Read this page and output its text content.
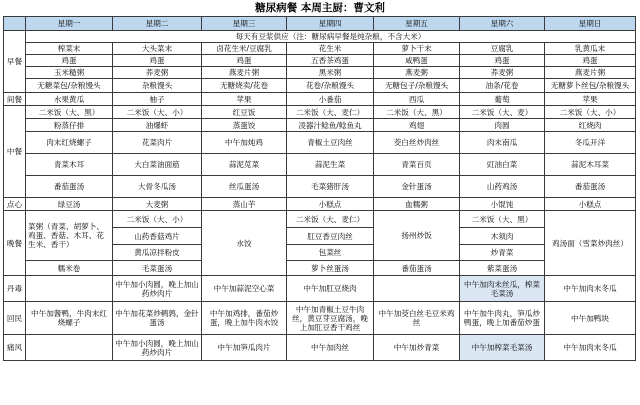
糖尿病餐 本周主厨：曹文利
	星期一	星期二	星期三	星期四	星期五	星期六	星期日
早餐	每天有豆浆供应（注：糖尿病早餐是纯杂粮，不含大米）						
	榨菜末	大头菜末	卤花生米/豆腐乳	花生米	萝卜干末	豆腐乳	乳黄瓜末
	鸡蛋	鸡蛋	鸡蛋	五香茶鸡蛋	咸鸭蛋	鸡蛋	鸡蛋
	玉米糙粥	荞麦粥	燕麦片粥	黑米粥	燕麦粥	荞麦粥	燕麦片粥
	无糖菜包/杂粮馒头	杂粮馒头	无糖烧卖/花卷	花卷/杂粮馒头	无糖包子/杂粮馒头	油条/花卷	无糖萝卜丝包/杂粮馒头
间餐	水果黄瓜	柚子	苹果	小番茄	西瓜	葡萄	苹果
中餐	二米饭（大、黑）	二米饭（大、小）	红豆饭	二米饭（大、麦仁）	二米饭（大、黑）	二米饭（大、麦）	二米饭（大、小）
	粉蒸仔排	油爆虾	蒸蛋饺	凌器汁鲶鱼/鲶鱼丸	鸡翅	肉圆	红烧肉
	肉末红烧螺子	花菜肉片	中午加炖鸡	青椒土豆肉丝	茭白丝炒肉丝	肉末南瓜	冬瓜开洋
	青菜木耳	大白菜油面筋	蒜泥苋菜	蒜泥生菜	青菜百页	豇油白菜	蒜泥木耳菜
	番茄蛋汤	大骨冬瓜汤	丝瓜蛋汤	毛菜猪肝汤	金针蛋汤	山药鸡汤	番茄蛋汤
点心	绿豆汤	大麦粥	蒸山芋	小糕点	血糯粥	小馄饨	小糕点
晚餐	菜粥（青菜、胡萝卜、鸡蛋、香菇、木耳、花生米、香干）	二米饭（大、小）	水饺	二米饭（大、麦仁）	扬州炒饭	二米饭（大、黑）	鸡汤面（雪菜炒肉丝）
		山药香菇鸡片		肛豆香豆肉丝		木须肉	
		黄瓜凉拌粉皮		包菜丝		炒青菜	
	糯米卷	毛菜蛋汤		萝卜丝蛋汤	番茄蛋汤	紫菜蛋汤	
丹毒		中午加小肉圆，晚上加山药炒肉片	中午加蒜泥空心菜	中午加肛豆烧肉		中午加肉末丝瓜，榨菜毛菜汤	中午加肉末冬瓜
回民	中午加酱鸭，牛肉末红烧螺子	中午加花菜炒鹌鹑，金针蛋汤	中午加鸡排，番茄炒蛋，晚上加牛肉水饺	中午加青椒土豆牛肉丝，黄豆芽豆腐汤，晚上加肛豆香干鸡丝	中午加茭白丝毛豆米鸡丝	中午加牛肉丸，笋瓜炒鸭蛋，晚上加番茄炒蛋	中午加鸭块
痛风		中午加小肉圆，晚上加山药炒肉片	中午加笋瓜肉片	中午加肉丝	中午加炒青菜	中午加榨菜毛菜汤	中午加肉末冬瓜
